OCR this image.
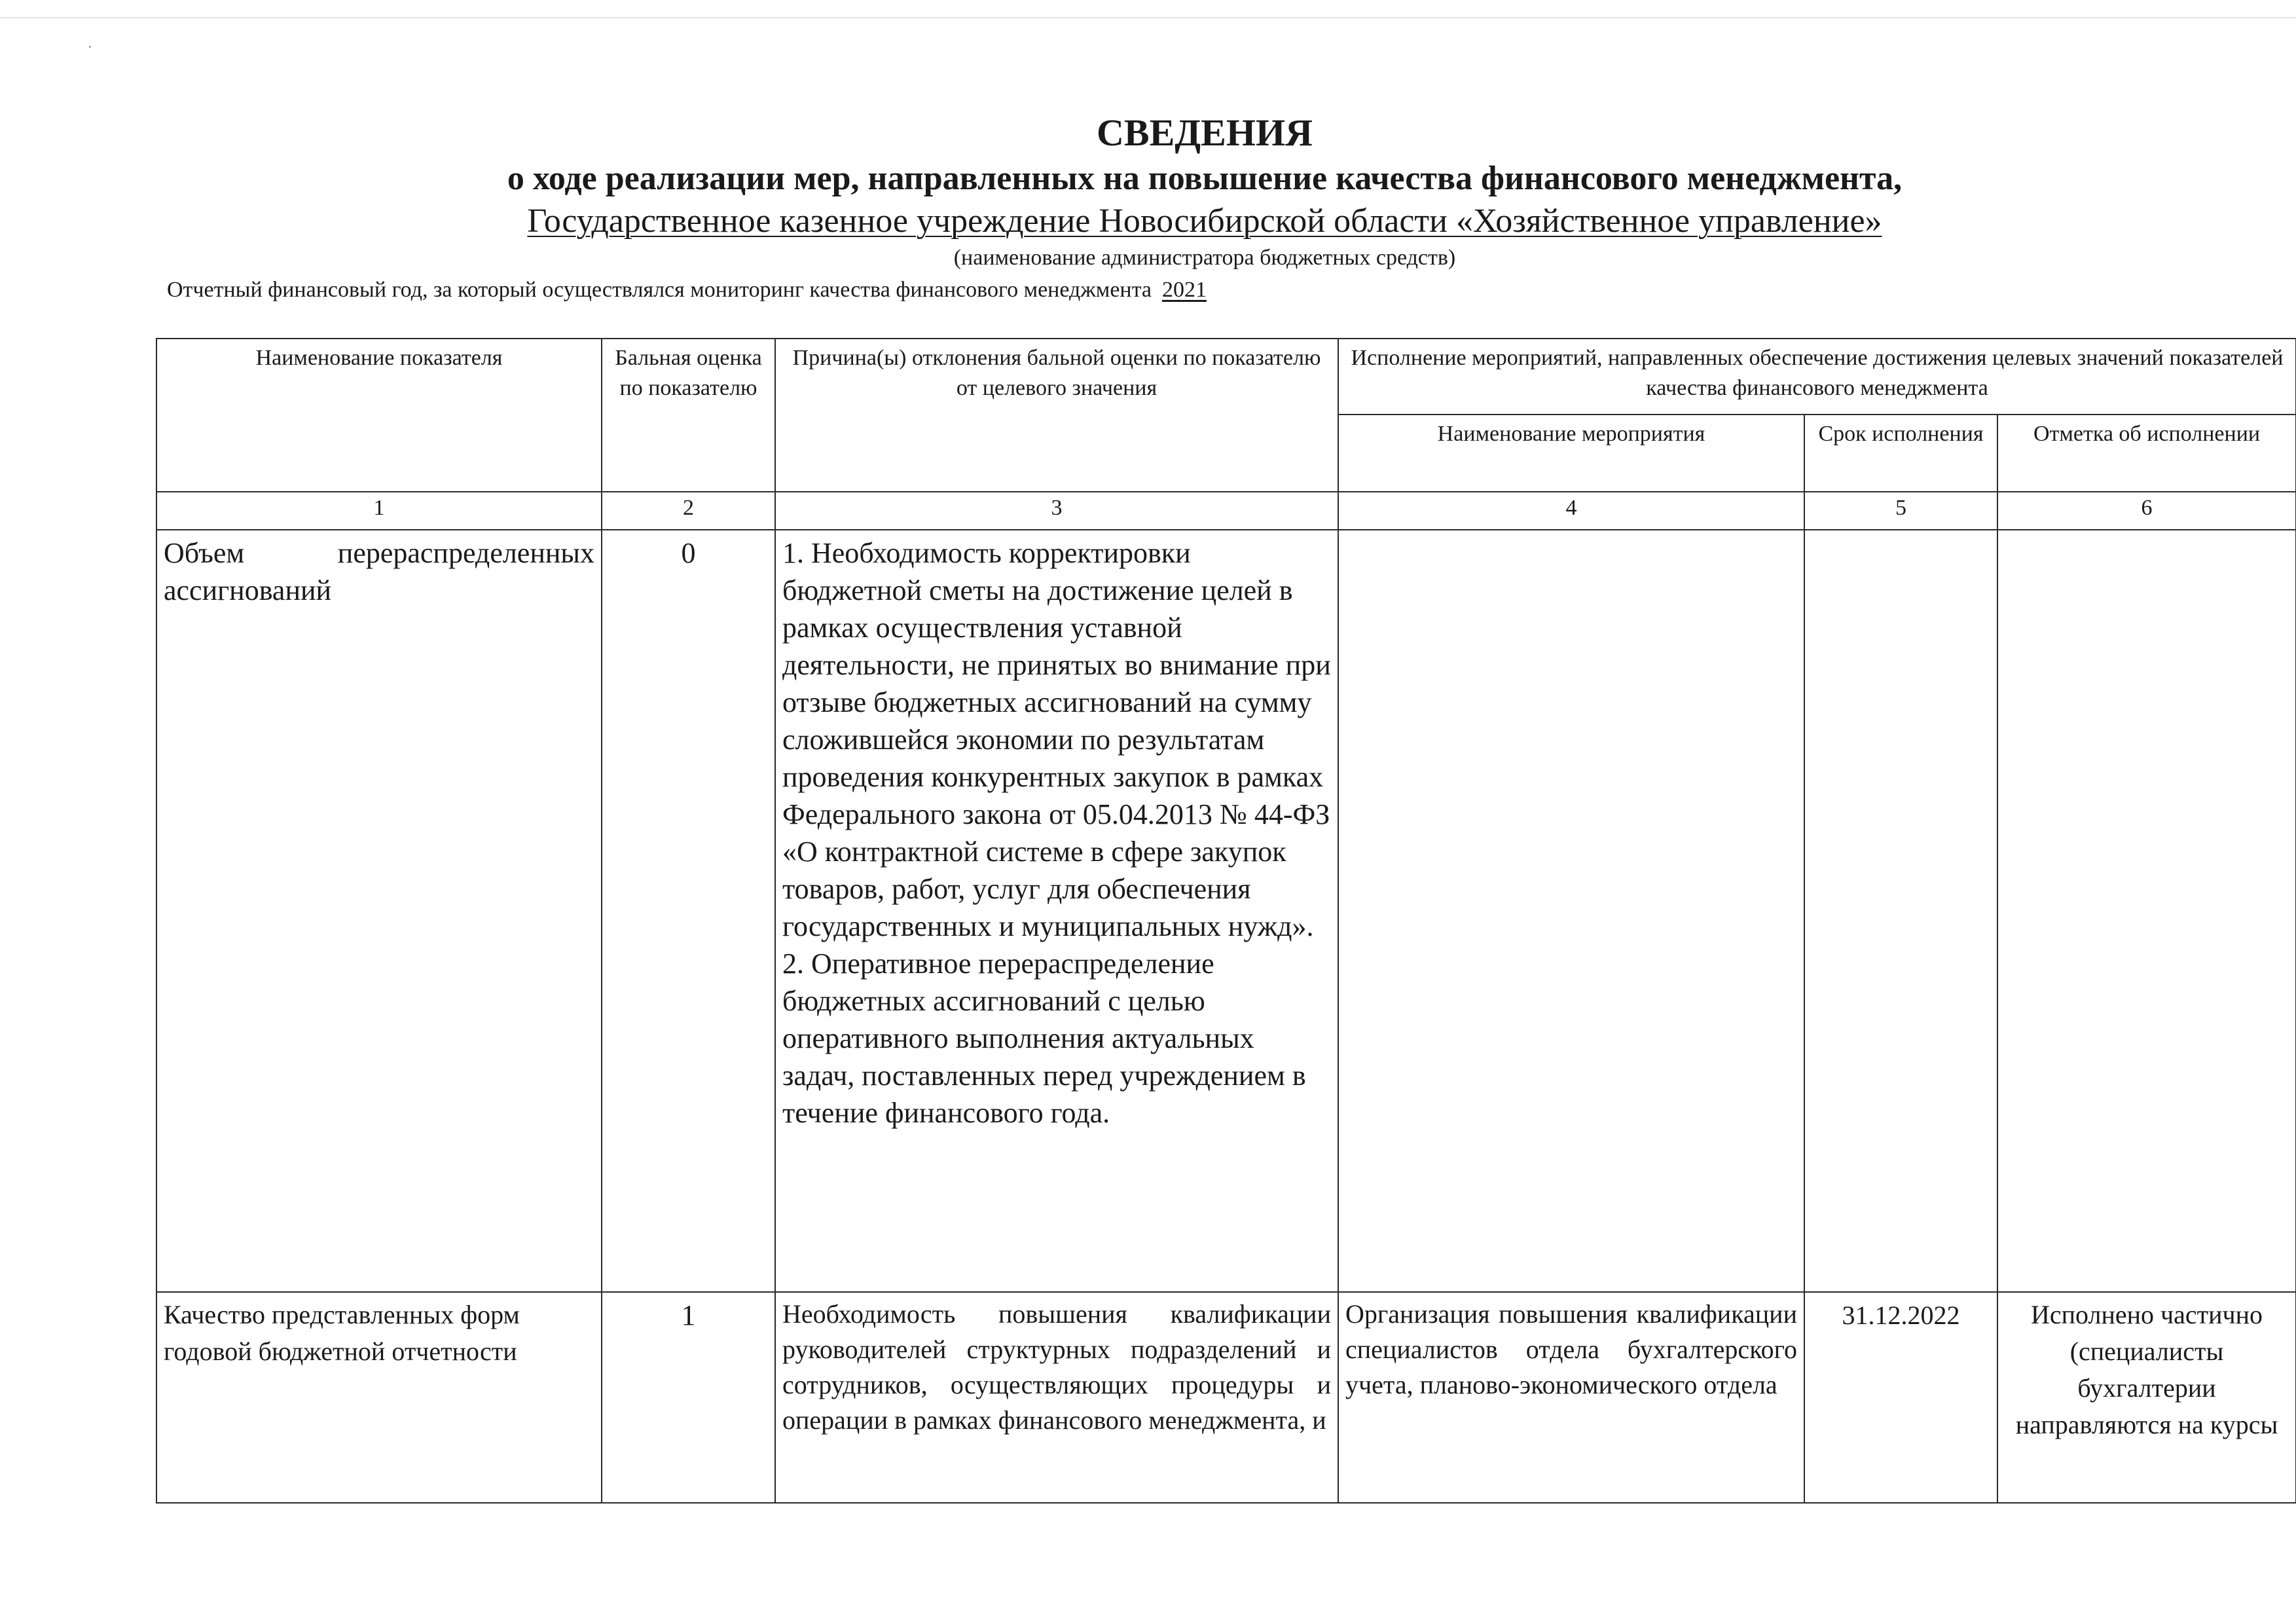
СВЕДЕНИЯ
о ходе реализации мер, направленных на повышение качества финансового менеджмента,
Государственное казенное учреждение Новосибирской области «Хозяйственное управление»
(наименование администратора бюджетных средств)
Отчетный финансовый год, за который осуществлялся мониторинг качества финансового менеджмента 2021
Наименование показателя	Бальная оценка по показателю	Причина(ы) отклонения бальной оценки по показателю от целевого значения	Исполнение мероприятий, направленных обеспечение достижения целевых значений показателей качества финансового менеджмента		
			Наименование мероприятия	Срок исполнения	Отметка об исполнении
1	2	3	4	5	6
Объем перераспределенных ассигнований	0	1. Необходимость корректировки бюджетной сметы на достижение целей в рамках осуществления уставной деятельности, не принятых во внимание при отзыве бюджетных ассигнований на сумму сложившейся экономии по результатам проведения конкурентных закупок в рамках Федерального закона от 05.04.2013 № 44-ФЗ «О контрактной системе в сфере закупок товаров, работ, услуг для обеспечения государственных и муниципальных нужд».
2. Оперативное перераспределение бюджетных ассигнований с целью оперативного выполнения актуальных задач, поставленных перед учреждением в течение финансового года.			
Качество представленных форм годовой бюджетной отчетности	1	Необходимость повышения квалификации руководителей структурных подразделений и сотрудников, осуществляющих процедуры и операции в рамках финансового менеджмента, и	Организация повышения квалификации специалистов отдела бухгалтерского учета, планово-экономического отдела	31.12.2022	Исполнено частично (специалисты бухгалтерии направляются на курсы
